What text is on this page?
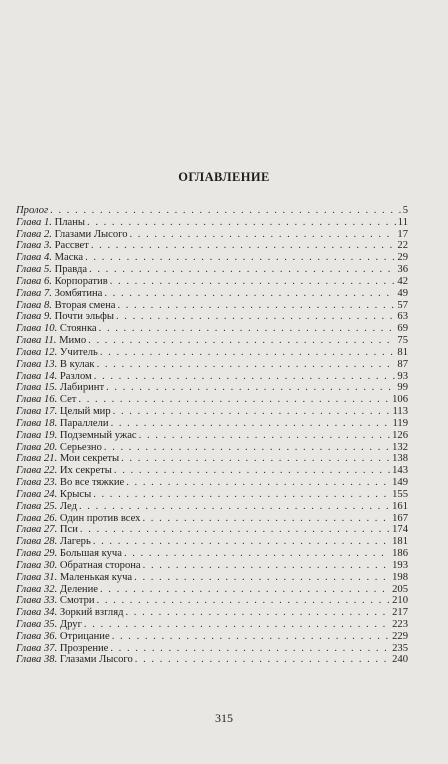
ОГЛАВЛЕНИЕ
Пролог . . .	5
Глава 1. Планы . . .	11
Глава 2. Глазами Лысого . . .	17
Глава 3. Рассвет . . .	22
Глава 4. Маска . . .	29
Глава 5. Правда . . .	36
Глава 6. Корпоратив . . .	42
Глава 7. Зомбятина . . .	49
Глава 8. Вторая смена . . .	57
Глава 9. Почти эльфы . . .	63
Глава 10. Стоянка . . .	69
Глава 11. Мимо . . .	75
Глава 12. Учитель . . .	81
Глава 13. В кулак . . .	87
Глава 14. Разлом . . .	93
Глава 15. Лабиринт . . .	99
Глава 16. Сет . . .	106
Глава 17. Целый мир . . .	113
Глава 18. Параллели . . .	119
Глава 19. Подземный ужас . . .	126
Глава 20. Серьезно . . .	132
Глава 21. Мои секреты . . .	138
Глава 22. Их секреты . . .	143
Глава 23. Во все тяжкие . . .	149
Глава 24. Крысы . . .	155
Глава 25. Лед . . .	161
Глава 26. Один против всех . . .	167
Глава 27. Пси . . .	174
Глава 28. Лагерь . . .	181
Глава 29. Большая куча . . .	186
Глава 30. Обратная сторона . . .	193
Глава 31. Маленькая куча . . .	198
Глава 32. Деление . . .	205
Глава 33. Смотри . . .	210
Глава 34. Зоркий взгляд . . .	217
Глава 35. Друг . . .	223
Глава 36. Отрицание . . .	229
Глава 37. Прозрение . . .	235
Глава 38. Глазами Лысого . . .	240
315
